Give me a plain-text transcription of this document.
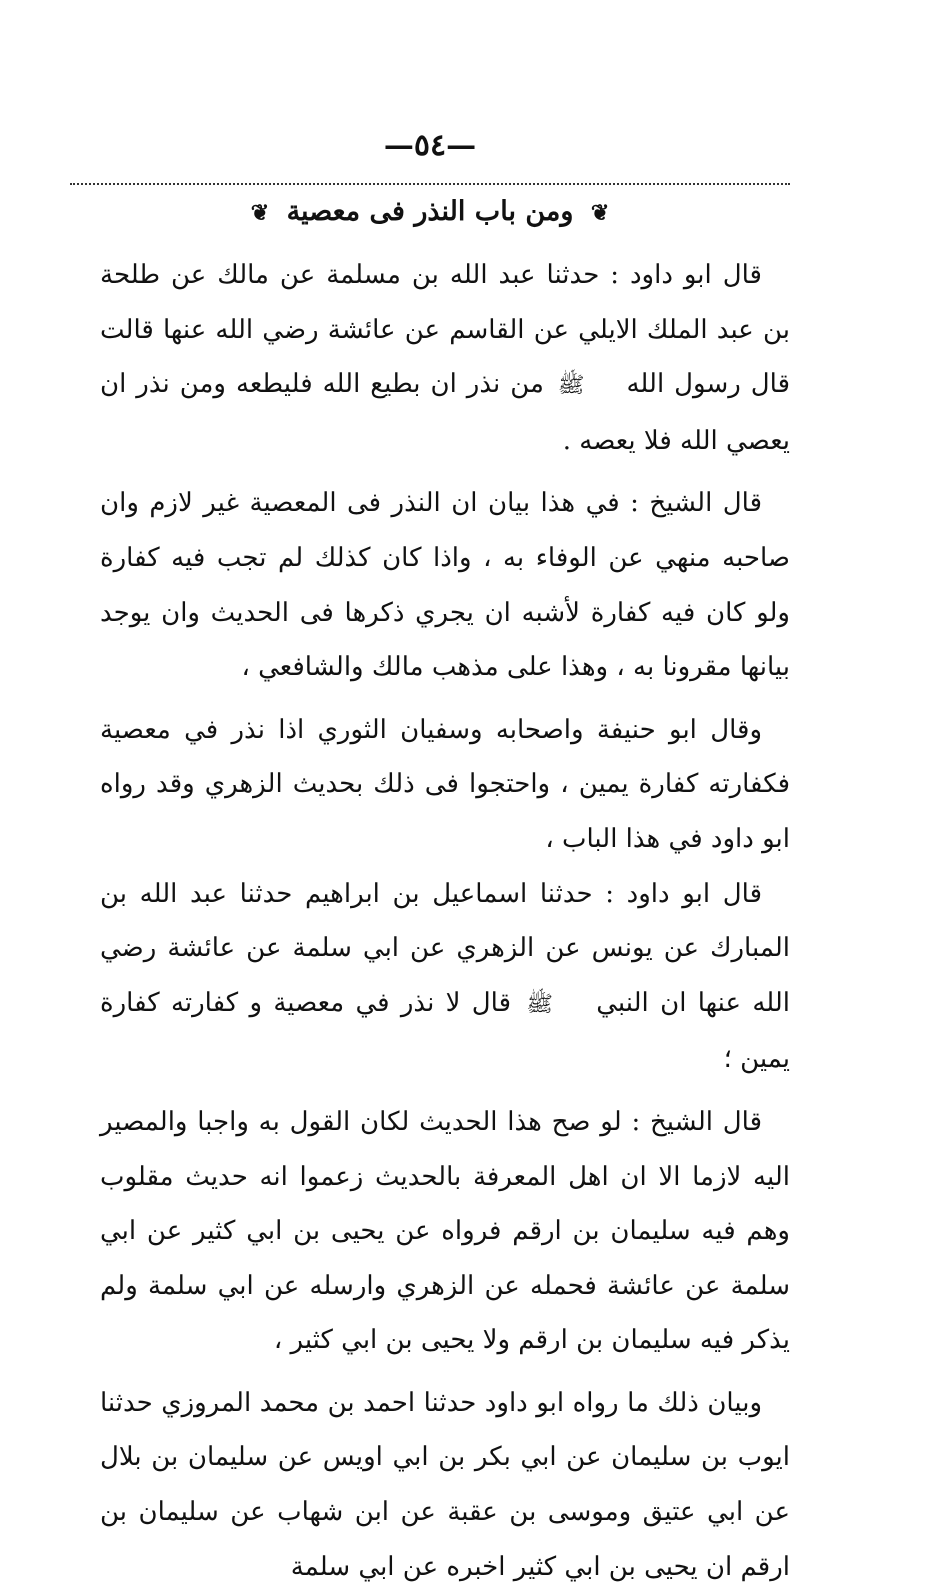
—٥٤—
❦ ومن باب النذر فى معصية ❦

قال ابو داود : حدثنا عبد الله بن مسلمة عن مالك عن طلحة بن عبد الملك الايلي عن القاسم عن عائشة رضي الله عنها قالت قال رسول الله ﷺ من نذر ان بطيع الله فليطعه ومن نذر ان يعصي الله فلا يعصه .

قال الشيخ : في هذا بيان ان النذر فى المعصية غير لازم وان صاحبه منهي عن الوفاء به ، واذا كان كذلك لم تجب فيه كفارة ولو كان فيه كفارة لأشبه ان يجري ذكرها فى الحديث وان يوجد بيانها مقرونا به ، وهذا على مذهب مالك والشافعي ،

وقال ابو حنيفة واصحابه وسفيان الثوري اذا نذر في معصية فكفارته كفارة يمين ، واحتجوا فى ذلك بحديث الزهري وقد رواه ابو داود في هذا الباب ،

قال ابو داود : حدثنا اسماعيل بن ابراهيم حدثنا عبد الله بن المبارك عن يونس عن الزهري عن ابي سلمة عن عائشة رضي الله عنها ان النبي ﷺ قال لا نذر في معصية و كفارته كفارة يمين ؛

قال الشيخ : لو صح هذا الحديث لكان القول به واجبا والمصير اليه لازما الا ان اهل المعرفة بالحديث زعموا انه حديث مقلوب وهم فيه سليمان بن ارقم فرواه عن يحيى بن ابي كثير عن ابي سلمة عن عائشة فحمله عن الزهري وارسله عن ابي سلمة ولم يذكر فيه سليمان بن ارقم ولا يحيى بن ابي كثير ،

وبيان ذلك ما رواه ابو داود حدثنا احمد بن محمد المروزي حدثنا ايوب بن سليمان عن ابي بكر بن ابي اويس عن سليمان بن بلال عن ابي عتيق وموسى بن عقبة عن ابن شهاب عن سليمان بن ارقم ان يحيى بن ابي كثير اخبره عن ابي سلمة
